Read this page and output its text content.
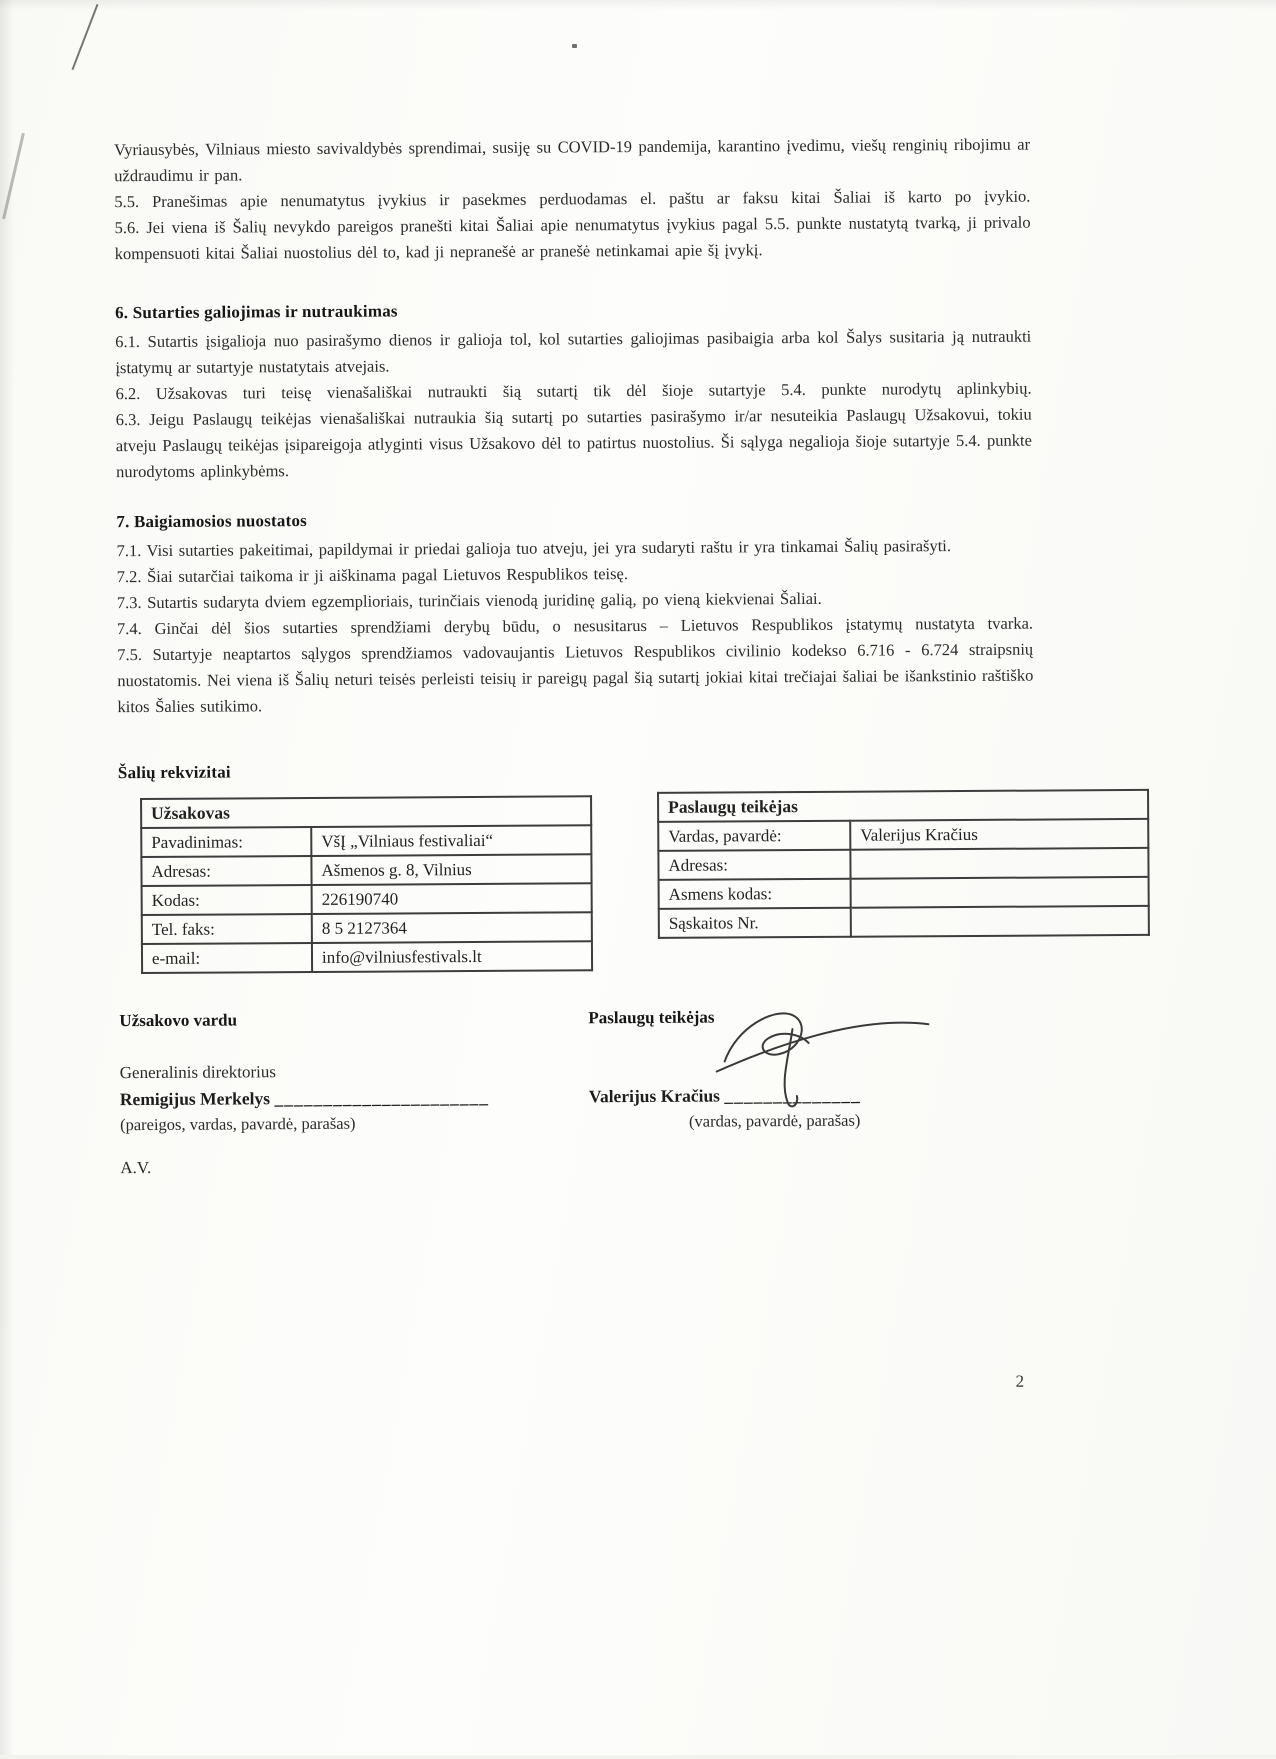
Vyriausybės, Vilniaus miesto savivaldybės sprendimai, susiję su COVID-19 pandemija, karantino įvedimu, viešų renginių ribojimu ar uždraudimu ir pan.

5.5. Pranešimas apie nenumatytus įvykius ir pasekmes perduodamas el. paštu ar faksu kitai Šaliai iš karto po įvykio.

5.6. Jei viena iš Šalių nevykdo pareigos pranešti kitai Šaliai apie nenumatytus įvykius pagal 5.5. punkte nustatytą tvarką, ji privalo kompensuoti kitai Šaliai nuostolius dėl to, kad ji nepranešė ar pranešė netinkamai apie šį įvykį.

6. Sutarties galiojimas ir nutraukimas

6.1. Sutartis įsigalioja nuo pasirašymo dienos ir galioja tol, kol sutarties galiojimas pasibaigia arba kol Šalys susitaria ją nutraukti įstatymų ar sutartyje nustatytais atvejais.

6.2. Užsakovas turi teisę vienašališkai nutraukti šią sutartį tik dėl šioje sutartyje 5.4. punkte nurodytų aplinkybių.

6.3. Jeigu Paslaugų teikėjas vienašališkai nutraukia šią sutartį po sutarties pasirašymo ir/ar nesuteikia Paslaugų Užsakovui, tokiu atveju Paslaugų teikėjas įsipareigoja atlyginti visus Užsakovo dėl to patirtus nuostolius. Ši sąlyga negalioja šioje sutartyje 5.4. punkte nurodytoms aplinkybėms.

7. Baigiamosios nuostatos

7.1. Visi sutarties pakeitimai, papildymai ir priedai galioja tuo atveju, jei yra sudaryti raštu ir yra tinkamai Šalių pasirašyti.

7.2. Šiai sutarčiai taikoma ir ji aiškinama pagal Lietuvos Respublikos teisę.

7.3. Sutartis sudaryta dviem egzemplioriais, turinčiais vienodą juridinę galią, po vieną kiekvienai Šaliai.

7.4. Ginčai dėl šios sutarties sprendžiami derybų būdu, o nesusitarus – Lietuvos Respublikos įstatymų nustatyta tvarka.

7.5. Sutartyje neaptartos sąlygos sprendžiamos vadovaujantis Lietuvos Respublikos civilinio kodekso 6.716 - 6.724 straipsnių nuostatomis. Nei viena iš Šalių neturi teisės perleisti teisių ir pareigų pagal šią sutartį jokiai kitai trečiajai šaliai be išankstinio raštiško kitos Šalies sutikimo.

Šalių rekvizitai
Užsakovas	
Pavadinimas:	VšĮ „Vilniaus festivaliai“
Adresas:	Ašmenos g. 8, Vilnius
Kodas:	226190740
Tel. faks:	8 5 2127364
e-mail:	info@vilniusfestivals.lt
Paslaugų teikėjas	
Vardas, pavardė:	Valerijus Kračius
Adresas:	
Asmens kodas:	
Sąskaitos Nr.	
Užsakovo vardu
Generalinis direktorius
Remigijus Merkelys ______________________
(pareigos, vardas, pavardė, parašas)
A.V.
Paslaugų teikėjas
Valerijus Kračius ______________
(vardas, pavardė, parašas)
2
